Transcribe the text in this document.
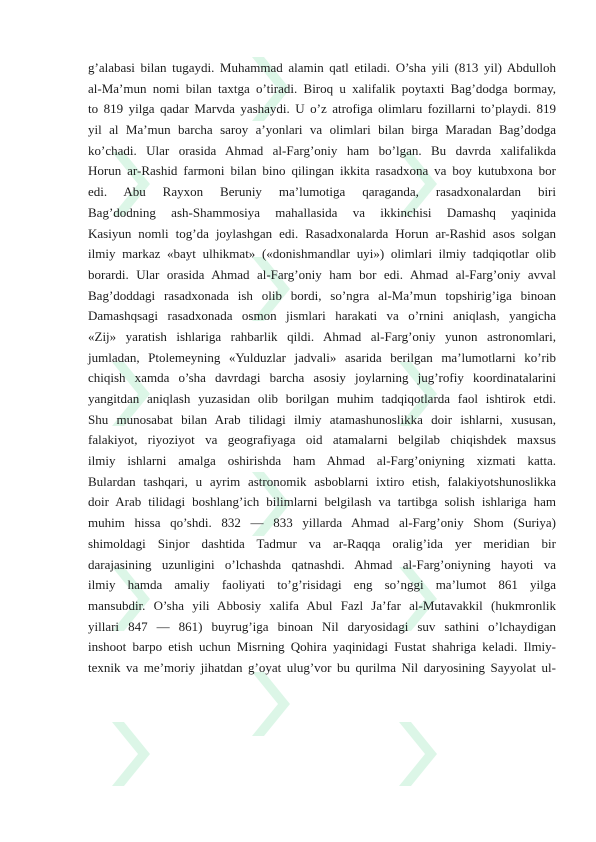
g’alabasi bilan tugaydi. Muhammad alamin qatl etiladi. O’sha yili (813 yil) Abdulloh
al-Ma’mun nomi bilan taxtga o’tiradi. Biroq u xalifalik poytaxti Bag’dodga bormay,
to 819 yilga qadar Marvda yashaydi. U o’z atrofiga olimlaru fozillarni to’playdi. 819
yil al Ma’mun barcha saroy a’yonlari va olimlari bilan birga Maradan Bag’dodga
ko’chadi. Ular orasida Ahmad al-Farg’oniy ham bo’lgan. Bu davrda xalifalikda
Horun ar-Rashid farmoni bilan bino qilingan ikkita rasadxona va boy kutubxona bor
edi. Abu Rayxon Beruniy ma’lumotiga qaraganda, rasadxonalardan biri
Bag’dodning ash-Shammosiya mahallasida va ikkinchisi Damashq yaqinida
Kasiyun nomli tog’da joylashgan edi. Rasadxonalarda Horun ar-Rashid asos solgan
ilmiy markaz «bayt ulhikmat» («donishmandlar uyi») olimlari ilmiy tadqiqotlar olib
borardi. Ular orasida Ahmad al-Farg’oniy ham bor edi. Ahmad al-Farg’oniy avval
Bag’doddagi rasadxonada ish olib bordi, so’ngra al-Ma’mun topshirig’iga binoan
Damashqsagi rasadxonada osmon jismlari harakati va o’rnini aniqlash, yangicha
«Zij» yaratish ishlariga rahbarlik qildi. Ahmad al-Farg’oniy yunon astronomlari,
jumladan, Ptolemeyning «Yulduzlar jadvali» asarida berilgan ma’lumotlarni ko’rib
chiqish xamda o’sha davrdagi barcha asosiy joylarning jug’rofiy koordinatalarini
yangitdan aniqlash yuzasidan olib borilgan muhim tadqiqotlarda faol ishtirok etdi.
Shu munosabat bilan Arab tilidagi ilmiy atamashunoslikka doir ishlarni, xususan,
falakiyot, riyoziyot va geografiyaga oid atamalarni belgilab chiqishdek maxsus
ilmiy ishlarni amalga oshirishda ham Ahmad al-Farg’oniyning xizmati katta.
Bulardan tashqari, u ayrim astronomik asboblarni ixtiro etish, falakiyotshunoslikka
doir Arab tilidagi boshlang’ich bilimlarni belgilash va tartibga solish ishlariga ham
muhim hissa qo’shdi. 832 — 833 yillarda Ahmad al-Farg’oniy Shom (Suriya)
shimoldagi Sinjor dashtida Tadmur va ar-Raqqa oralig’ida yer meridian bir
darajasining uzunligini o’lchashda qatnashdi. Ahmad al-Farg’oniyning hayoti va
ilmiy hamda amaliy faoliyati to’g’risidagi eng so’nggi ma’lumot 861 yilga
mansubdir. O’sha yili Abbosiy xalifa Abul Fazl Ja’far al-Mutavakkil (hukmronlik
yillari 847 — 861) buyrug’iga binoan Nil daryosidagi suv sathini o’lchaydigan
inshoot barpo etish uchun Misrning Qohira yaqinidagi Fustat shahriga keladi. Ilmiy-
texnik va me’moriy jihatdan g’oyat ulug’vor bu qurilma Nil daryosining Sayyolat ul-
